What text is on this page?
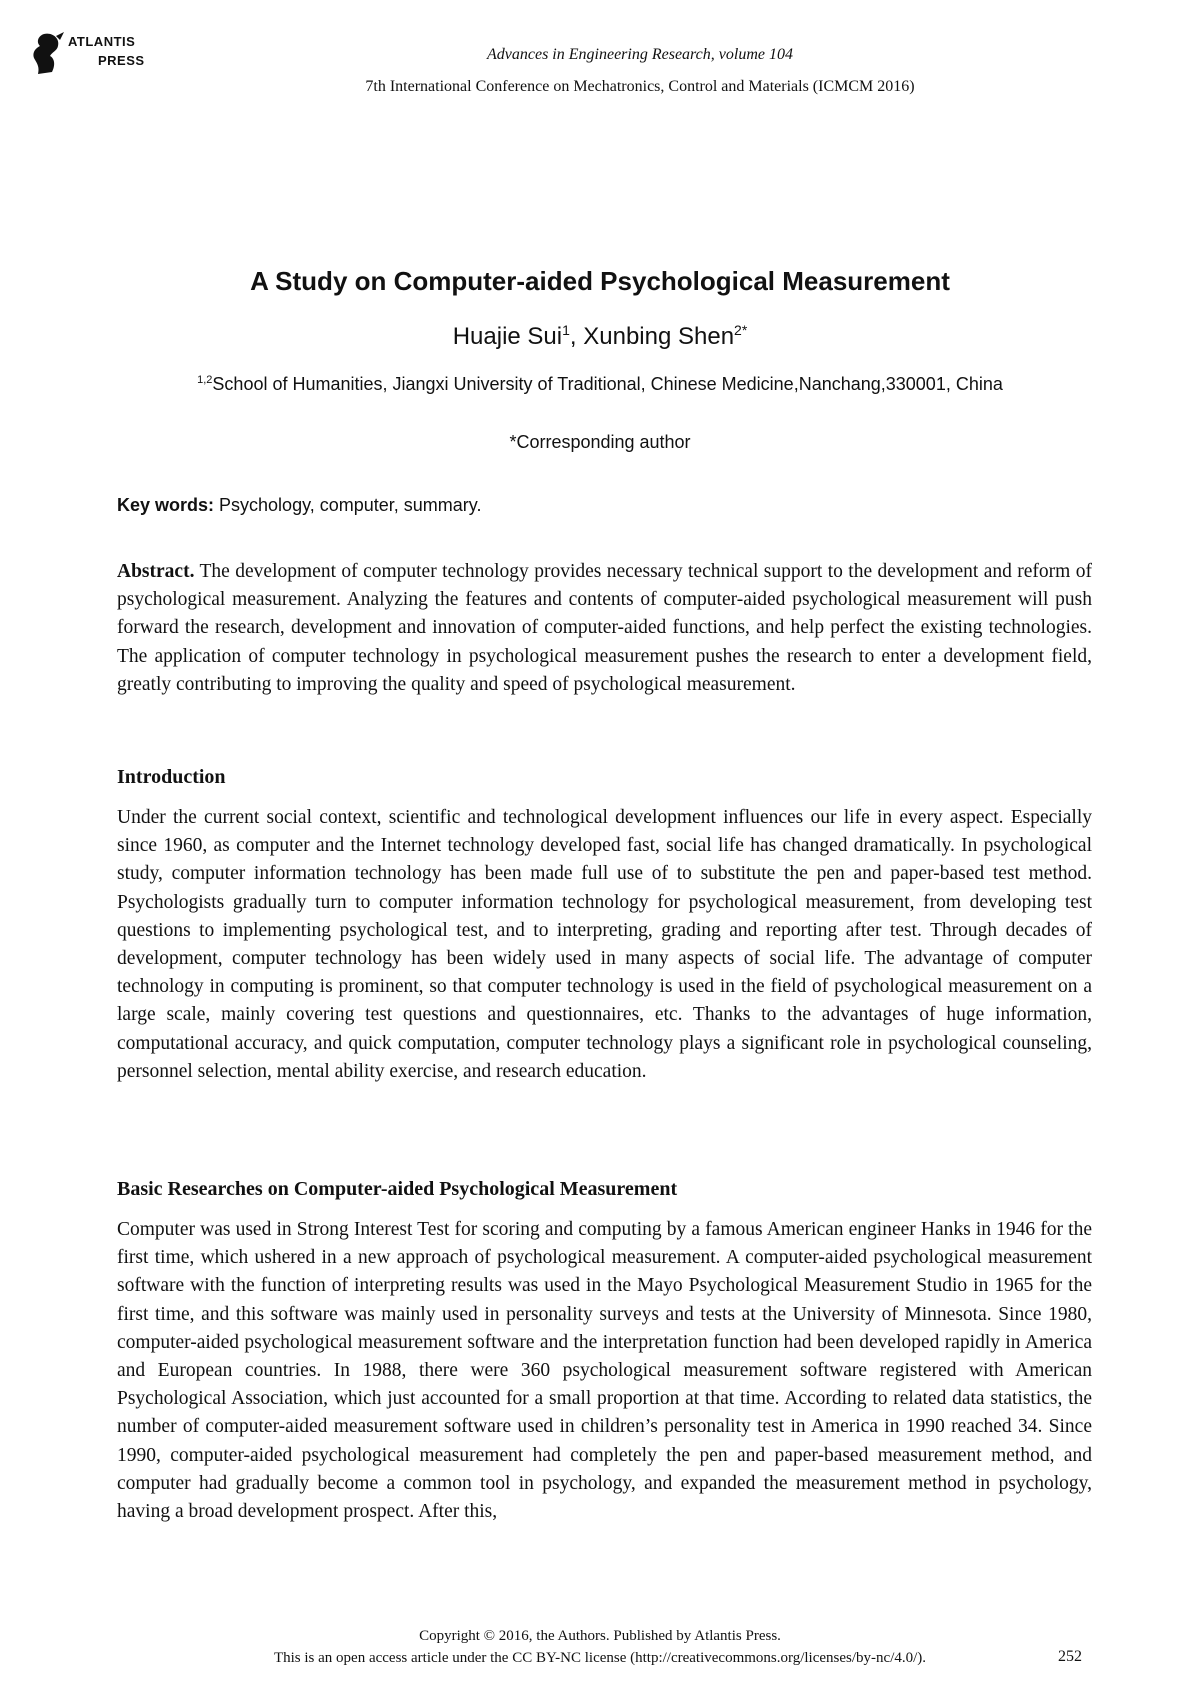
ATLANTIS
PRESS	Advances in Engineering Research, volume 104
7th International Conference on Mechatronics, Control and Materials (ICMCM 2016)
A Study on Computer-aided Psychological Measurement
Huajie Sui$^1$, Xunbing Shen$^{2*}$
$^{1,2}$School of Humanities, Jiangxi University of Traditional, Chinese Medicine,Nanchang,330001, China
*Corresponding author
Key words: Psychology, computer, summary.
Abstract. The development of computer technology provides necessary technical support to the development and reform of psychological measurement. Analyzing the features and contents of computer-aided psychological measurement will push forward the research, development and innovation of computer-aided functions, and help perfect the existing technologies. The application of computer technology in psychological measurement pushes the research to enter a development field, greatly contributing to improving the quality and speed of psychological measurement.
Introduction
Under the current social context, scientific and technological development influences our life in every aspect. Especially since 1960, as computer and the Internet technology developed fast, social life has changed dramatically. In psychological study, computer information technology has been made full use of to substitute the pen and paper-based test method. Psychologists gradually turn to computer information technology for psychological measurement, from developing test questions to implementing psychological test, and to interpreting, grading and reporting after test. Through decades of development, computer technology has been widely used in many aspects of social life. The advantage of computer technology in computing is prominent, so that computer technology is used in the field of psychological measurement on a large scale, mainly covering test questions and questionnaires, etc. Thanks to the advantages of huge information, computational accuracy, and quick computation, computer technology plays a significant role in psychological counseling, personnel selection, mental ability exercise, and research education.
Basic Researches on Computer-aided Psychological Measurement
Computer was used in Strong Interest Test for scoring and computing by a famous American engineer Hanks in 1946 for the first time, which ushered in a new approach of psychological measurement. A computer-aided psychological measurement software with the function of interpreting results was used in the Mayo Psychological Measurement Studio in 1965 for the first time, and this software was mainly used in personality surveys and tests at the University of Minnesota. Since 1980, computer-aided psychological measurement software and the interpretation function had been developed rapidly in America and European countries. In 1988, there were 360 psychological measurement software registered with American Psychological Association, which just accounted for a small proportion at that time. According to related data statistics, the number of computer-aided measurement software used in children’s personality test in America in 1990 reached 34. Since 1990, computer-aided psychological measurement had completely the pen and paper-based measurement method, and computer had gradually become a common tool in psychology, and expanded the measurement method in psychology, having a broad development prospect. After this,
Copyright © 2016, the Authors. Published by Atlantis Press.
This is an open access article under the CC BY-NC license (http://creativecommons.org/licenses/by-nc/4.0/).	252
